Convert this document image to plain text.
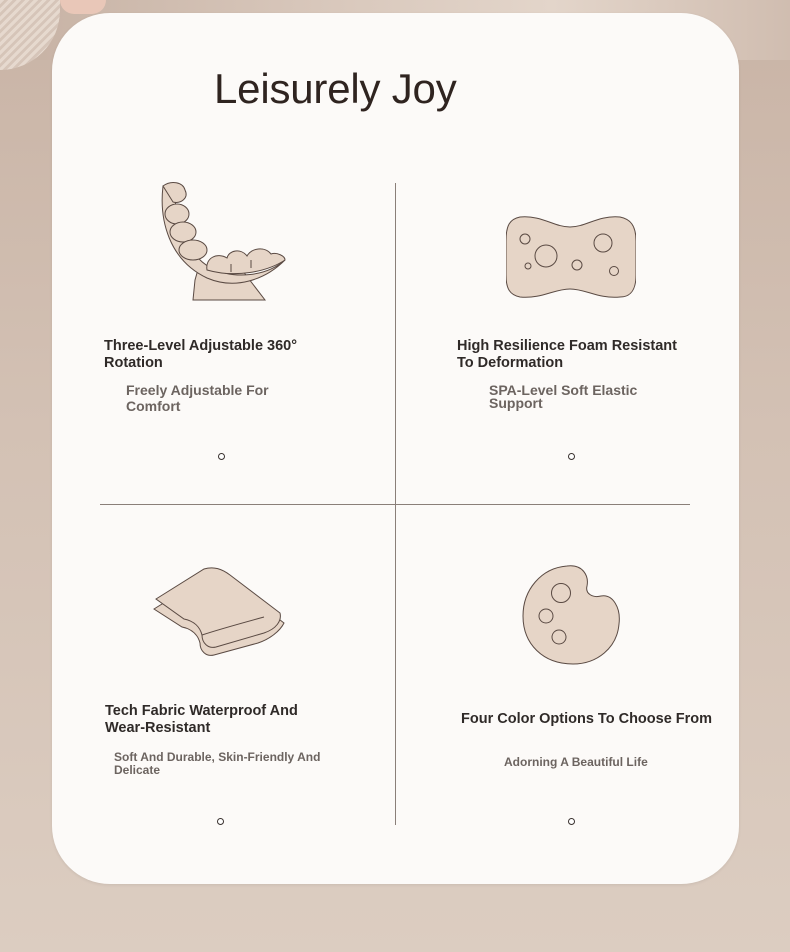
Leisurely Joy
Three-Level Adjustable 360° Rotation

Freely Adjustable For Comfort

High Resilience Foam Resistant To Deformation

SPA-Level Soft Elastic Support

Tech Fabric Waterproof And Wear-Resistant

Soft And Durable, Skin-Friendly And Delicate

Four Color Options To Choose From

Adorning A Beautiful Life
